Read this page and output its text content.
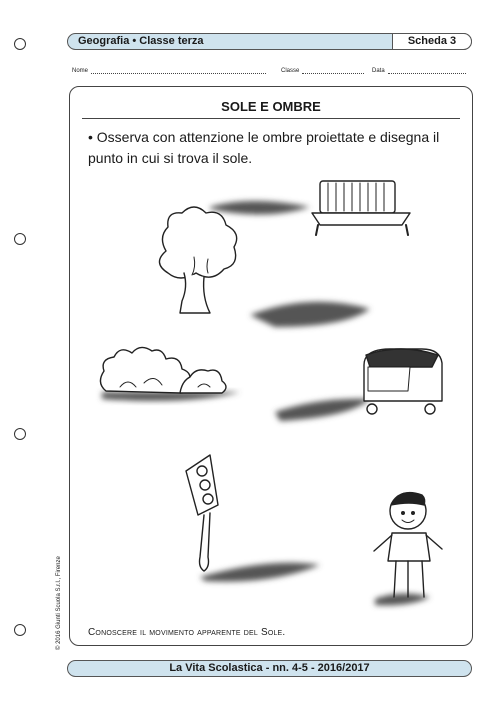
Geografia • Classe terza	Scheda 3
Nome	Classe	Data
SOLE E OMBRE
• Osserva con attenzione le ombre proiettate e disegna il punto in cui si trova il sole.
Conoscere il movimento apparente del Sole.
© 2016 Giunti Scuola S.r.l., Firenze
La Vita Scolastica - nn. 4-5 - 2016/2017
